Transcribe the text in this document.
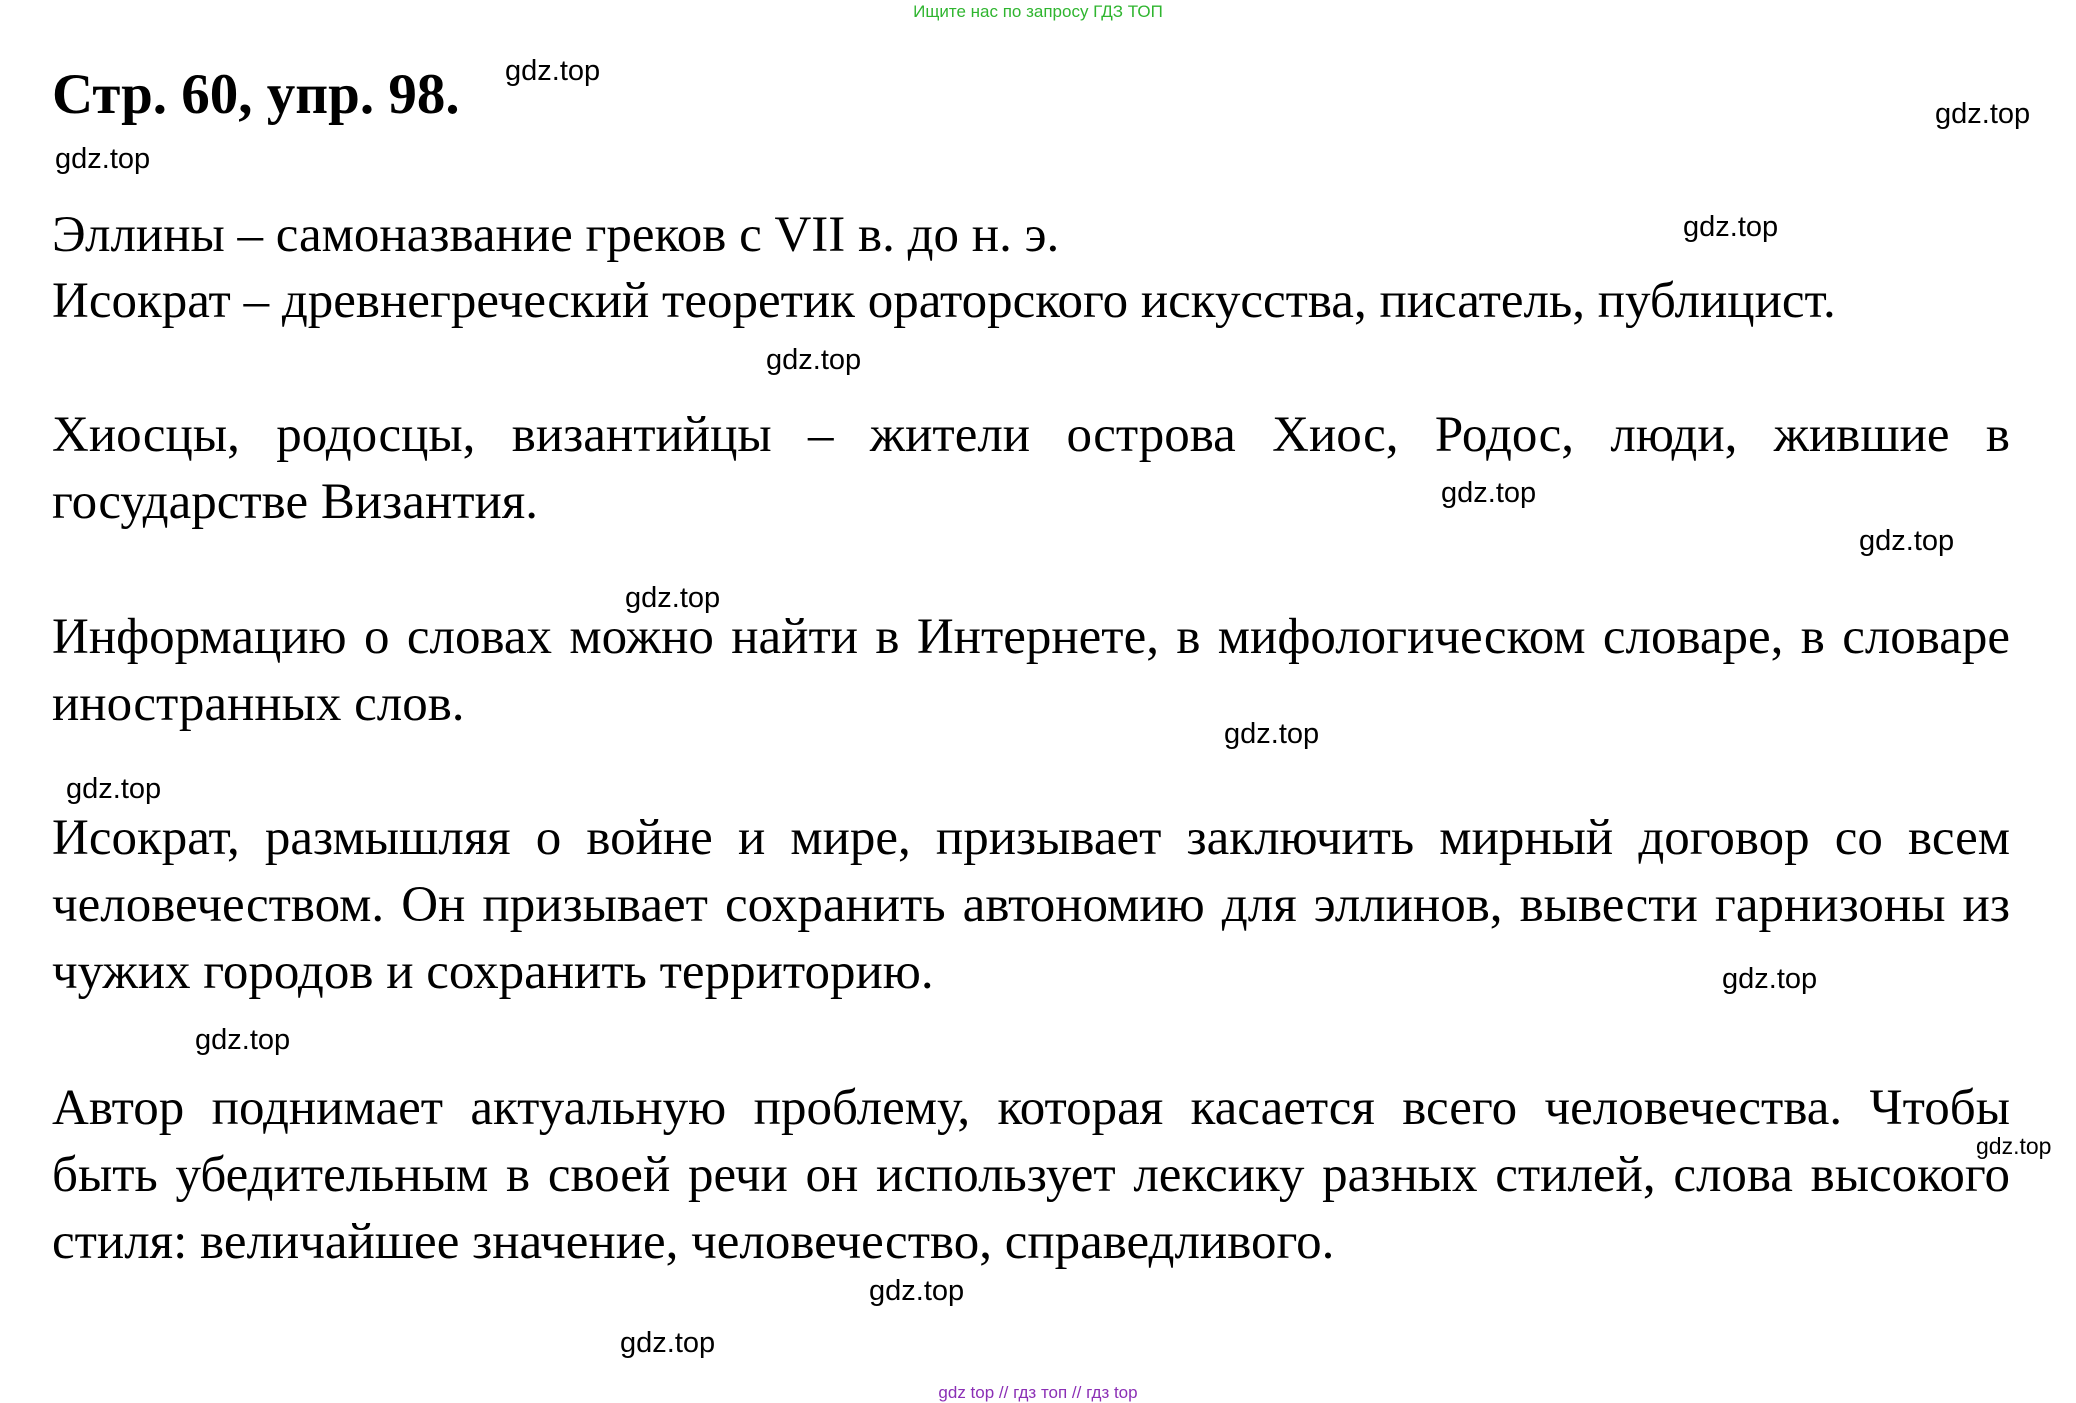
Ищите нас по запросу ГДЗ ТОП
Стр. 60, упр. 98.

Эллины – самоназвание греков с VII в. до н. э.

Исократ – древнегреческий теоретик ораторского искусства, писатель, публицист.

Хиосцы, родосцы, византийцы – жители острова Хиос, Родос, люди, жившие в государстве Византия.

Информацию о словах можно найти в Интернете, в мифологическом словаре, в словаре иностранных слов.

Исократ, размышляя о войне и мире, призывает заключить мирный договор со всем человечеством. Он призывает сохранить автономию для эллинов, вывести гарнизоны из чужих городов и сохранить территорию.

Автор поднимает актуальную проблему, которая касается всего человечества. Чтобы быть убедительным в своей речи он использует лексику разных стилей, слова высокого стиля: величайшее значение, человечество, справедливого.

gdz.top
gdz.top
gdz.top
gdz.top
gdz.top
gdz.top
gdz.top
gdz.top
gdz.top
gdz.top
gdz.top
gdz.top
gdz.top
gdz.top
gdz.top
gdz top // гдз топ // гдз top
